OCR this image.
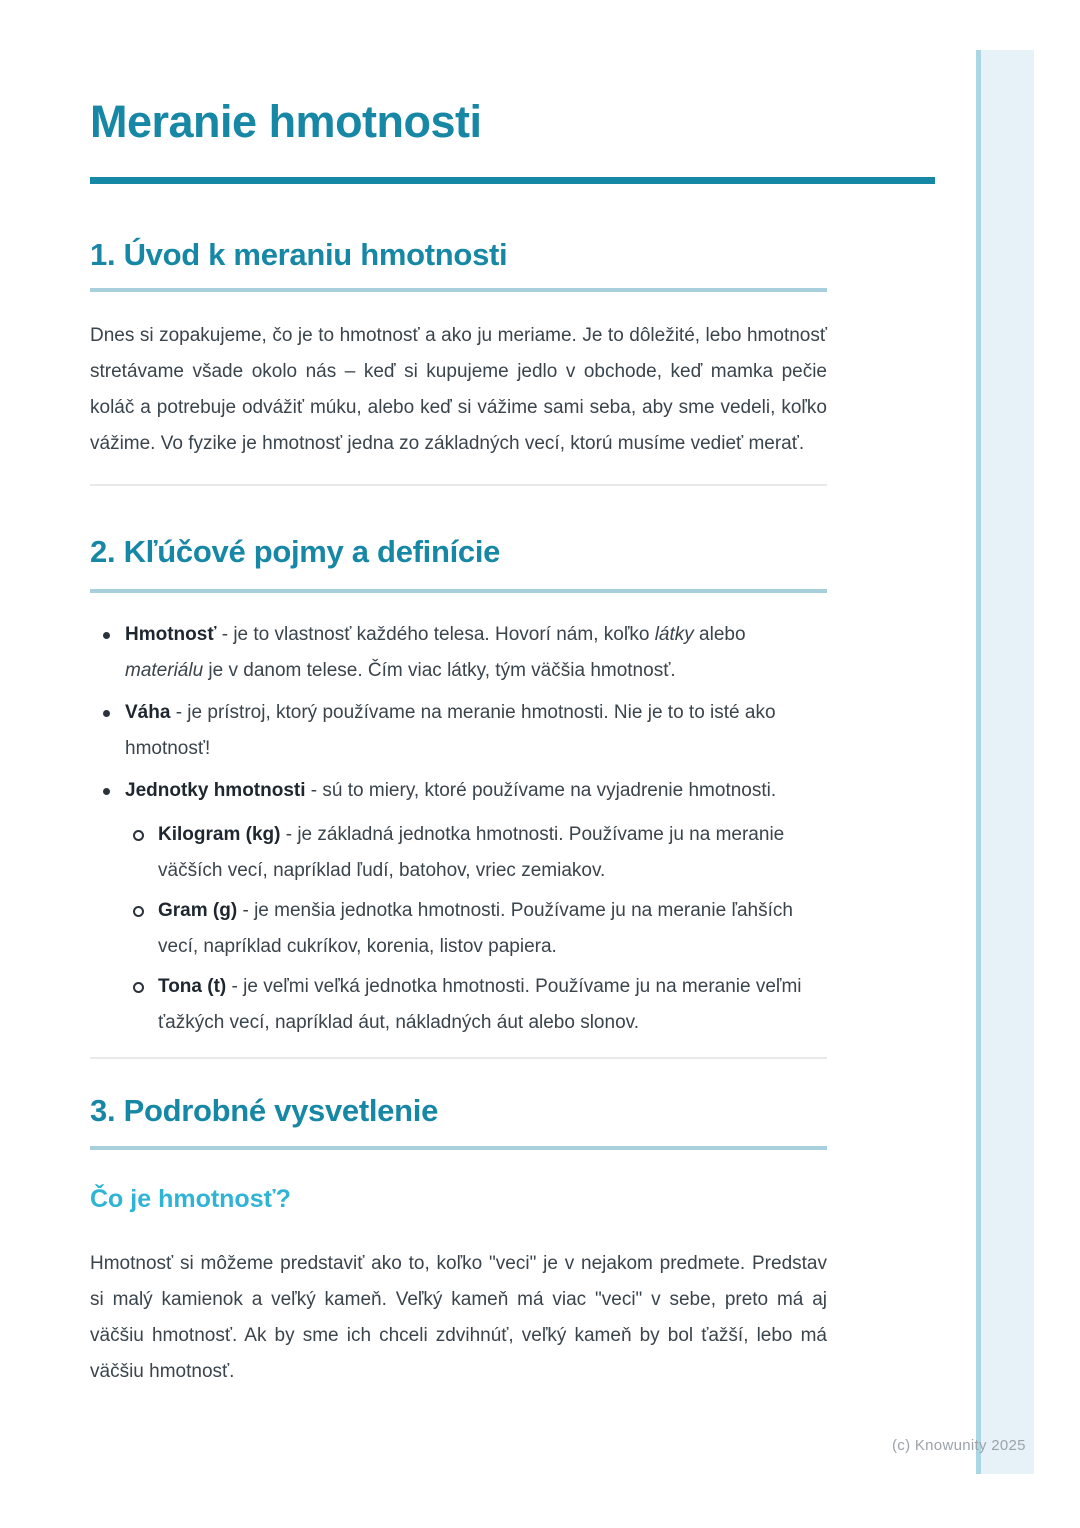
Meranie hmotnosti
1. Úvod k meraniu hmotnosti

Dnes si zopakujeme, čo je to hmotnosť a ako ju meriame. Je to dôležité, lebo hmotnosť stretávame všade okolo nás – keď si kupujeme jedlo v obchode, keď mamka pečie koláč a potrebuje odvážiť múku, alebo keď si vážime sami seba, aby sme vedeli, koľko vážime. Vo fyzike je hmotnosť jedna zo základných vecí, ktorú musíme vedieť merať.

2. Kľúčové pojmy a definície
Hmotnosť - je to vlastnosť každého telesa. Hovorí nám, koľko látky alebo materiálu je v danom telese. Čím viac látky, tým väčšia hmotnosť.
Váha - je prístroj, ktorý používame na meranie hmotnosti. Nie je to to isté ako hmotnosť!
Jednotky hmotnosti - sú to miery, ktoré používame na vyjadrenie hmotnosti.
Kilogram (kg) - je základná jednotka hmotnosti. Používame ju na meranie väčších vecí, napríklad ľudí, batohov, vriec zemiakov.
Gram (g) - je menšia jednotka hmotnosti. Používame ju na meranie ľahších vecí, napríklad cukríkov, korenia, listov papiera.
Tona (t) - je veľmi veľká jednotka hmotnosti. Používame ju na meranie veľmi ťažkých vecí, napríklad áut, nákladných áut alebo slonov.
3. Podrobné vysvetlenie
Čo je hmotnosť?

Hmotnosť si môžeme predstaviť ako to, koľko "veci" je v nejakom predmete. Predstav si malý kamienok a veľký kameň. Veľký kameň má viac "veci" v sebe, preto má aj väčšiu hmotnosť. Ak by sme ich chceli zdvihnúť, veľký kameň by bol ťažší, lebo má väčšiu hmotnosť.

(c) Knowunity 2025
